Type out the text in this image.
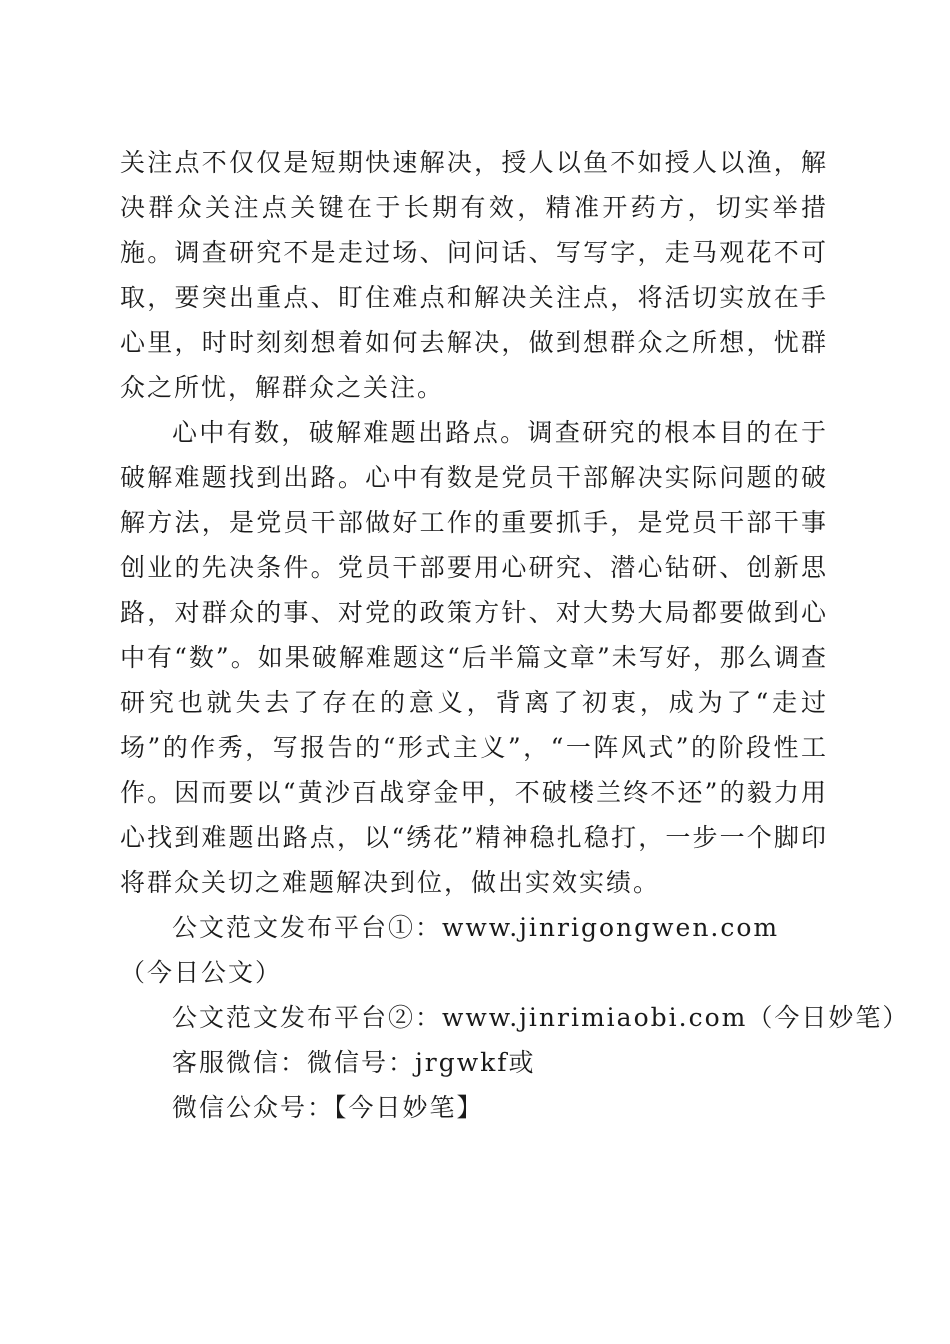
关注点不仅仅是短期快速解决，授人以鱼不如授人以渔，解决群众关注点关键在于长期有效，精准开药方，切实举措施。调查研究不是走过场、问问话、写写字，走马观花不可取，要突出重点、盯住难点和解决关注点，将活切实放在手心里，时时刻刻想着如何去解决，做到想群众之所想，忧群众之所忧，解群众之关注。

心中有数，破解难题出路点。调查研究的根本目的在于破解难题找到出路。心中有数是党员干部解决实际问题的破解方法，是党员干部做好工作的重要抓手，是党员干部干事创业的先决条件。党员干部要用心研究、潜心钻研、创新思路，对群众的事、对党的政策方针、对大势大局都要做到心中有“数”。如果破解难题这“后半篇文章”未写好，那么调查研究也就失去了存在的意义，背离了初衷，成为了“走过场”的作秀，写报告的“形式主义”，“一阵风式”的阶段性工作。因而要以“黄沙百战穿金甲，不破楼兰终不还”的毅力用心找到难题出路点，以“绣花”精神稳扎稳打，一步一个脚印将群众关切之难题解决到位，做出实效实绩。

公文范文发布平台①：www.jinrigongwen.com（今日公文）

公文范文发布平台②：www.jinrimiaobi.com（今日妙笔）

客服微信：微信号：jrgwkf或

微信公众号：【今日妙笔】
